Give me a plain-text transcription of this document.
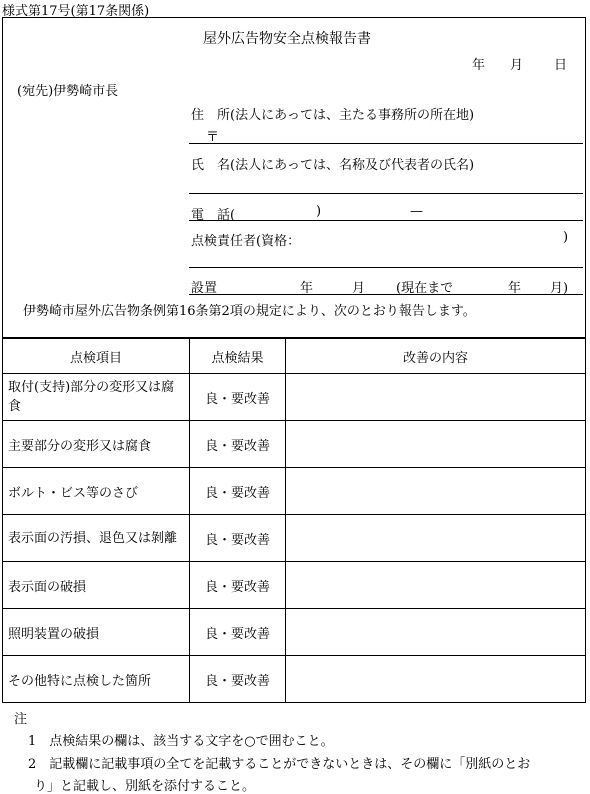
様式第17号(第17条関係)
屋外広告物安全点検報告書
年 月 日
(宛先)伊勢崎市長
住　所(法人にあっては、主たる事務所の所在地)
〒
氏　名(法人にあっては、名称及び代表者の氏名)
電　話(	)	—
点検責任者(資格：	)
設置	年	月 (現在まで	年 月)
伊勢崎市屋外広告物条例第16条第2項の規定により、次のとおり報告します。
点検項目	点検結果	改善の内容
取付(支持)部分の変形又は腐食	良・要改善	
主要部分の変形又は腐食	良・要改善	
ボルト・ビス等のさび	良・要改善	
表示面の汚損、退色又は剝離	良・要改善	
表示面の破損	良・要改善	
照明装置の破損	良・要改善	
その他特に点検した箇所	良・要改善	
注
1　点検結果の欄は、該当する文字を○で囲むこと。
2　記載欄に記載事項の全てを記載することができないときは、その欄に「別紙のとお
り」と記載し、別紙を添付すること。
